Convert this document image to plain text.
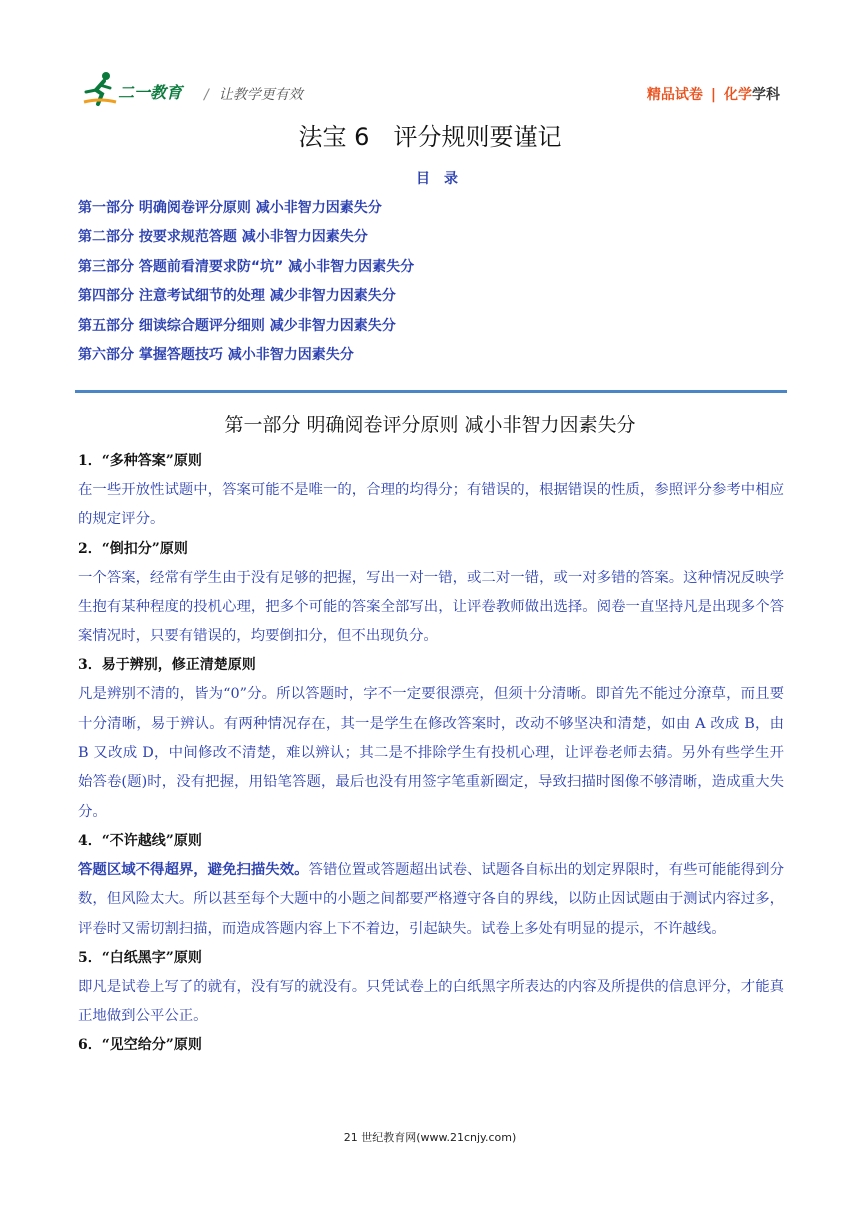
二一教育 / 让教学更有效	精品试卷 | 化学学科
法宝 6　评分规则要谨记
目录
第一部分 明确阅卷评分原则 减小非智力因素失分
第二部分 按要求规范答题 减小非智力因素失分
第三部分 答题前看清要求防“坑” 减小非智力因素失分
第四部分 注意考试细节的处理 减少非智力因素失分
第五部分 细读综合题评分细则 减少非智力因素失分
第六部分 掌握答题技巧 减小非智力因素失分
第一部分 明确阅卷评分原则 减小非智力因素失分
1．“多种答案”原则

在一些开放性试题中，答案可能不是唯一的，合理的均得分；有错误的，根据错误的性质，参照评分参考中相应的规定评分。

2．“倒扣分”原则

一个答案，经常有学生由于没有足够的把握，写出一对一错，或二对一错，或一对多错的答案。这种情况反映学生抱有某种程度的投机心理，把多个可能的答案全部写出，让评卷教师做出选择。阅卷一直坚持凡是出现多个答案情况时，只要有错误的，均要倒扣分，但不出现负分。

3．易于辨别，修正清楚原则

凡是辨别不清的，皆为“0”分。所以答题时，字不一定要很漂亮，但须十分清晰。即首先不能过分潦草，而且要十分清晰，易于辨认。有两种情况存在，其一是学生在修改答案时，改动不够坚决和清楚，如由 A 改成 B，由 B 又改成 D，中间修改不清楚，难以辨认；其二是不排除学生有投机心理，让评卷老师去猜。另外有些学生开始答卷(题)时，没有把握，用铅笔答题，最后也没有用签字笔重新圈定，导致扫描时图像不够清晰，造成重大失分。

4．“不许越线”原则

答题区域不得超界，避免扫描失效。答错位置或答题超出试卷、试题各自标出的划定界限时，有些可能能得到分数，但风险太大。所以甚至每个大题中的小题之间都要严格遵守各自的界线，以防止因试题由于测试内容过多，评卷时又需切割扫描，而造成答题内容上下不着边，引起缺失。试卷上多处有明显的提示，不许越线。

5．“白纸黑字”原则

即凡是试卷上写了的就有，没有写的就没有。只凭试卷上的白纸黑字所表达的内容及所提供的信息评分，才能真正地做到公平公正。

6．“见空给分”原则
21 世纪教育网(www.21cnjy.com)
